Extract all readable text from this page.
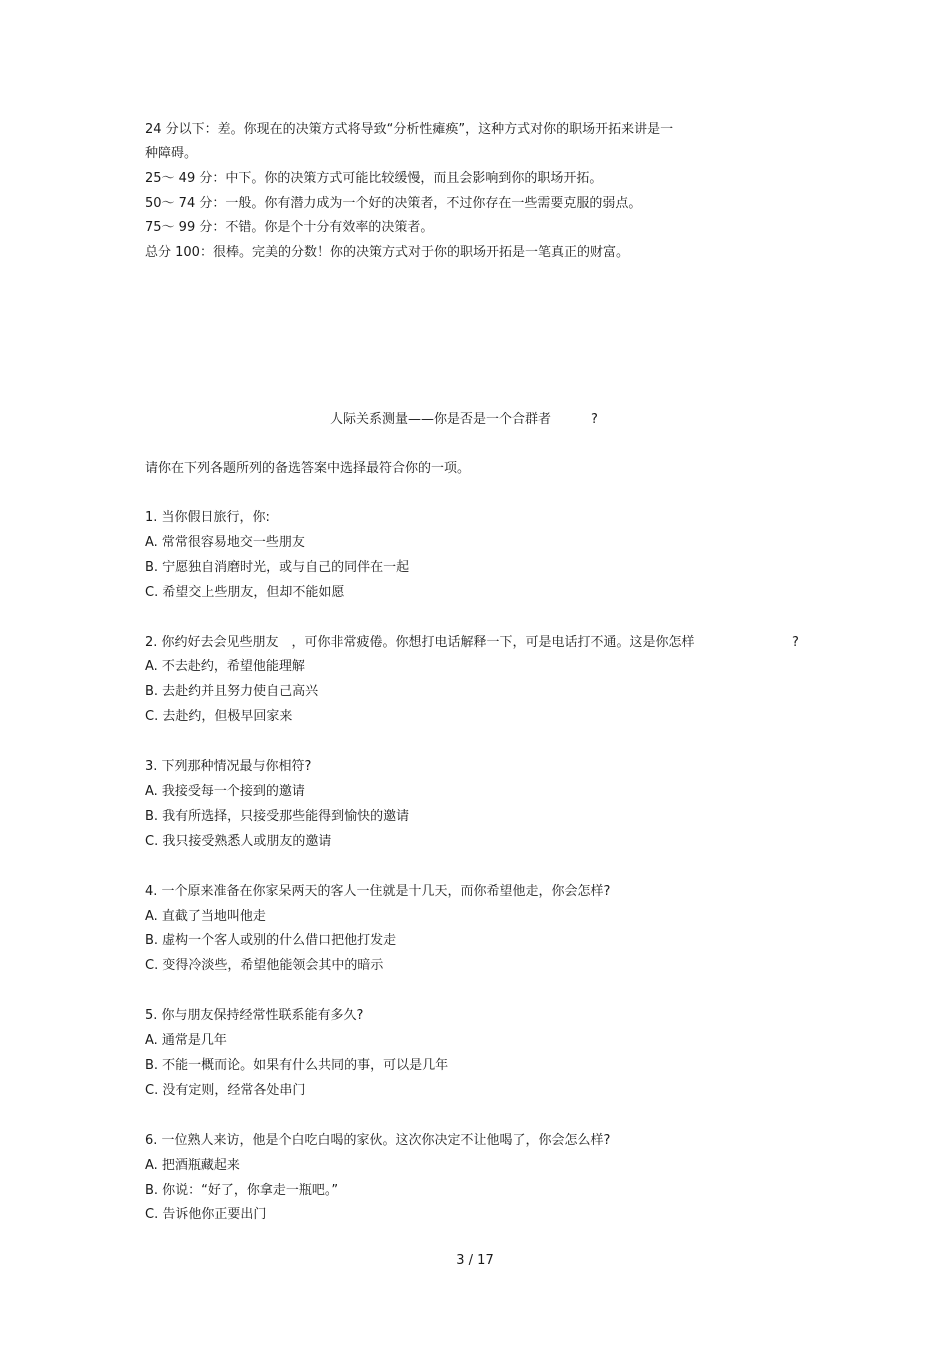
24 分以下：差。你现在的决策方式将导致“分析性瘫痪”，这种方式对你的职场开拓来讲是一
种障碍。
25～ 49 分：中下。你的决策方式可能比较缓慢，而且会影响到你的职场开拓。
50～ 74 分：一般。你有潜力成为一个好的决策者，不过你存在一些需要克服的弱点。
75～ 99 分：不错。你是个十分有效率的决策者。
总分 100：很棒。完美的分数！你的决策方式对于你的职场开拓是一笔真正的财富。
人际关系测量——你是否是一个合群者	?
请你在下列各题所列的备选答案中选择最符合你的一项。
1. 当你假日旅行，你:
A. 常常很容易地交一些朋友
B. 宁愿独自消磨时光，或与自己的同伴在一起
C. 希望交上些朋友，但却不能如愿
2. 你约好去会见些朋友　，可你非常疲倦。你想打电话解释一下，可是电话打不通。这是你怎样	?
A. 不去赴约，希望他能理解
B. 去赴约并且努力使自己高兴
C. 去赴约，但极早回家来
3. 下列那种情况最与你相符?
A. 我接受每一个接到的邀请
B. 我有所选择，只接受那些能得到愉快的邀请
C. 我只接受熟悉人或朋友的邀请
4. 一个原来准备在你家呆两天的客人一住就是十几天，而你希望他走，你会怎样?
A. 直截了当地叫他走
B. 虚构一个客人或别的什么借口把他打发走
C. 变得冷淡些，希望他能领会其中的暗示
5. 你与朋友保持经常性联系能有多久?
A. 通常是几年
B. 不能一概而论。如果有什么共同的事，可以是几年
C. 没有定则，经常各处串门
6. 一位熟人来访，他是个白吃白喝的家伙。这次你决定不让他喝了，你会怎么样?
A. 把酒瓶藏起来
B. 你说：“好了，你拿走一瓶吧。”
C. 告诉他你正要出门
3 / 17
